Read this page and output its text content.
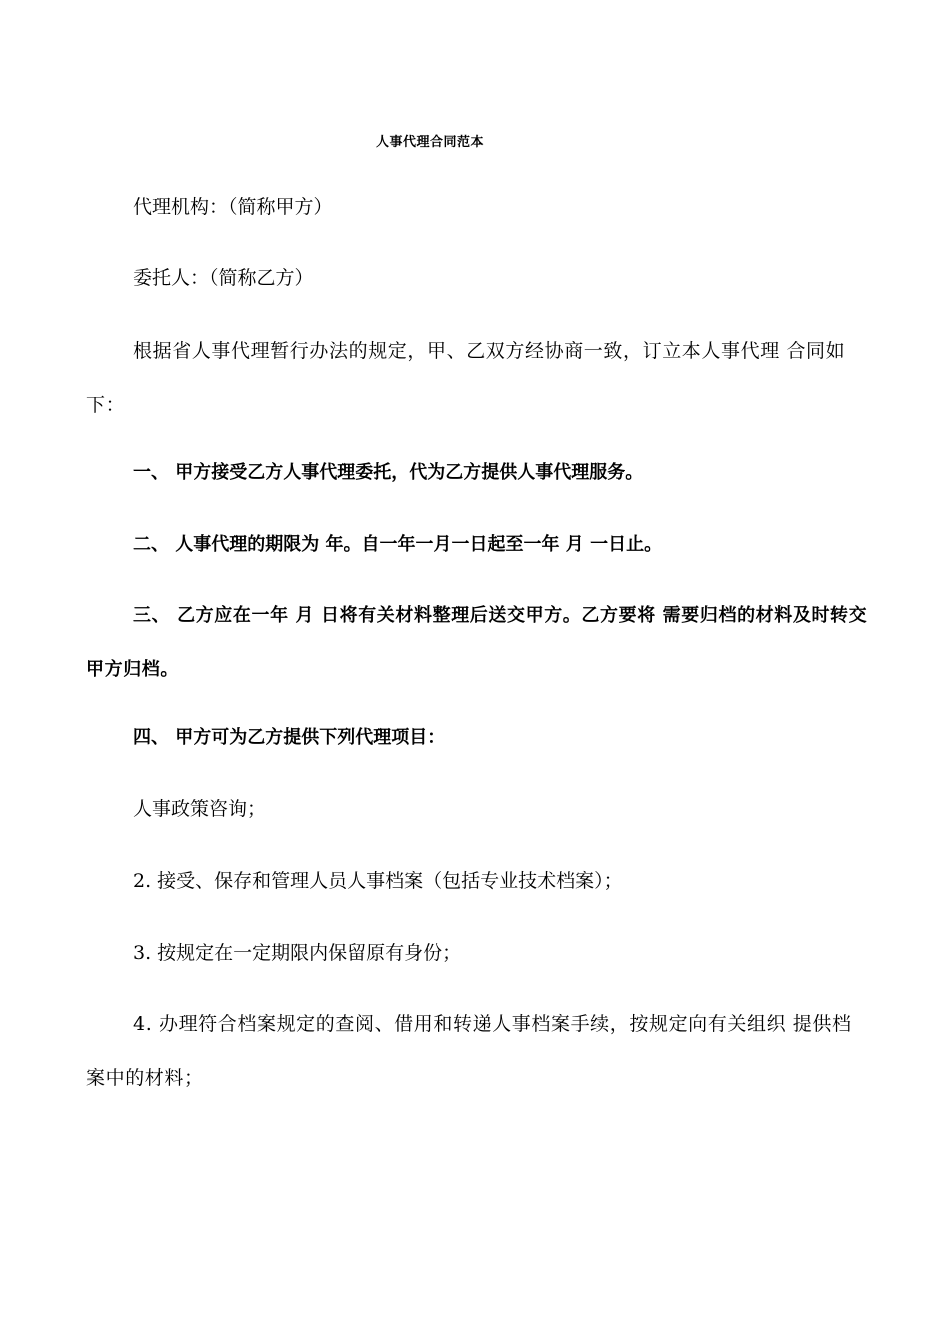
人事代理合同范本

代理机构：（简称甲方）

委托人：（简称乙方）

根据省人事代理暂行办法的规定，甲、乙双方经协商一致，订立本人事代理 合同如下：

一、 甲方接受乙方人事代理委托，代为乙方提供人事代理服务。

二、 人事代理的期限为 年。自一年一月一日起至一年 月 一日止。

三、 乙方应在一年 月 日将有关材料整理后送交甲方。乙方要将 需要归档的材料及时转交甲方归档。

四、 甲方可为乙方提供下列代理项目：

人事政策咨询；

2. 接受、保存和管理人员人事档案（包括专业技术档案）；

3. 按规定在一定期限内保留原有身份；

4. 办理符合档案规定的查阅、借用和转递人事档案手续，按规定向有关组织 提供档案中的材料；
